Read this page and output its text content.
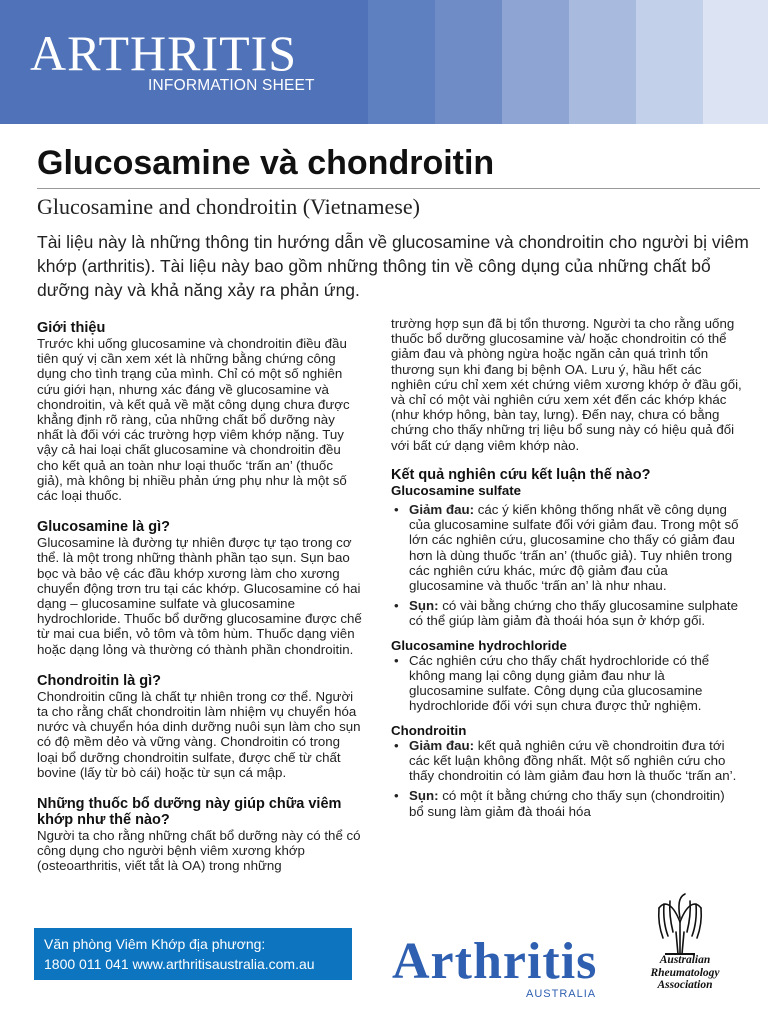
ARTHRITIS
INFORMATION SHEET
Glucosamine và chondroitin
Glucosamine and chondroitin (Vietnamese)

Tài liệu này là những thông tin hướng dẫn về glucosamine và chondroitin cho người bị viêm khớp (arthritis). Tài liệu này bao gồm những thông tin về công dụng của những chất bổ dưỡng này và khả năng xảy ra phản ứng.

Giới thiệu

Trước khi uống glucosamine và chondroitin điều đầu tiên quý vị cần xem xét là những bằng chứng công dụng cho tình trạng của mình. Chỉ có một số nghiên cứu giới hạn, nhưng xác đáng về glucosamine và chondroitin, và kết quả về mặt công dụng chưa được khẳng định rõ ràng, của những chất bổ dưỡng này nhất là đối với các trường hợp viêm khớp nặng. Tuy vậy cả hai loại chất glucosamine và chondroitin đều cho kết quả an toàn như loại thuốc ‘trấn an’ (thuốc giả), mà không bị nhiều phản ứng phụ như là một số các loại thuốc.

Glucosamine là gì?

Glucosamine là đường tự nhiên được tự tạo trong cơ thể. là một trong những thành phần tạo sụn. Sụn bao bọc và bảo vệ các đầu khớp xương làm cho xương chuyển động trơn tru tại các khớp. Glucosamine có hai dạng – glucosamine sulfate và glucosamine hydrochloride. Thuốc bổ dưỡng glucosamine được chế từ mai cua biển, vỏ tôm và tôm hùm. Thuốc dạng viên hoặc dạng lỏng và thường có thành phần chondroitin.

Chondroitin là gì?

Chondroitin cũng là chất tự nhiên trong cơ thể. Người ta cho rằng chất chondroitin làm nhiệm vụ chuyển hóa nước và chuyển hóa dinh dưỡng nuôi sụn làm cho sụn có độ mềm dẻo và vững vàng. Chondroitin có trong loại bổ dưỡng chondroitin sulfate, được chế từ chất bovine (lấy từ bò cái) hoặc từ sụn cá mập.

Những thuốc bổ dưỡng này giúp chữa viêm khớp như thế nào?

Người ta cho rằng những chất bổ dưỡng này có thể có công dụng cho người bệnh viêm xương khớp (osteoarthritis, viết tắt là OA) trong những

trường hợp sụn đã bị tổn thương. Người ta cho rằng uống thuốc bổ dưỡng glucosamine và/ hoặc chondroitin có thể giảm đau và phòng ngừa hoặc ngăn cản quá trình tổn thương sụn khi đang bị bệnh OA. Lưu ý, hầu hết các nghiên cứu chỉ xem xét chứng viêm xương khớp ở đầu gối, và chỉ có một vài nghiên cứu xem xét đến các khớp khác (như khớp hông, bàn tay, lưng). Đến nay, chưa có bằng chứng cho thấy những trị liệu bổ sung này có hiệu quả đối với bất cứ dạng viêm khớp nào.

Kết quả nghiên cứu kết luận thế nào?
Glucosamine sulfate
• Giảm đau: các ý kiến không thống nhất về công dụng của glucosamine sulfate đối với giảm đau. Trong một số lớn các nghiên cứu, glucosamine cho thấy có giảm đau hơn là dùng thuốc ‘trấn an’ (thuốc giả). Tuy nhiên trong các nghiên cứu khác, mức độ giảm đau của glucosamine và thuốc ‘trấn an’ là như nhau.
• Sụn: có vài bằng chứng cho thấy glucosamine sulphate có thể giúp làm giảm đà thoái hóa sụn ở khớp gối.
Glucosamine hydrochloride
• Các nghiên cứu cho thấy chất hydrochloride có thể không mang lại công dụng giảm đau như là glucosamine sulfate. Công dụng của glucosamine hydrochloride đối với sụn chưa được thử nghiệm.
Chondroitin
• Giảm đau: kết quả nghiên cứu về chondroitin đưa tới các kết luận không đồng nhất. Một số nghiên cứu cho thấy chondroitin có làm giảm đau hơn là thuốc ‘trấn an’.
• Sụn: có một ít bằng chứng cho thấy sụn (chondroitin) bổ sung làm giảm đà thoái hóa
Văn phòng Viêm Khớp địa phương:
1800 011 041 www.arthritisaustralia.com.au	Arthritis
AUSTRALIA
Australian
Rheumatology
Association
